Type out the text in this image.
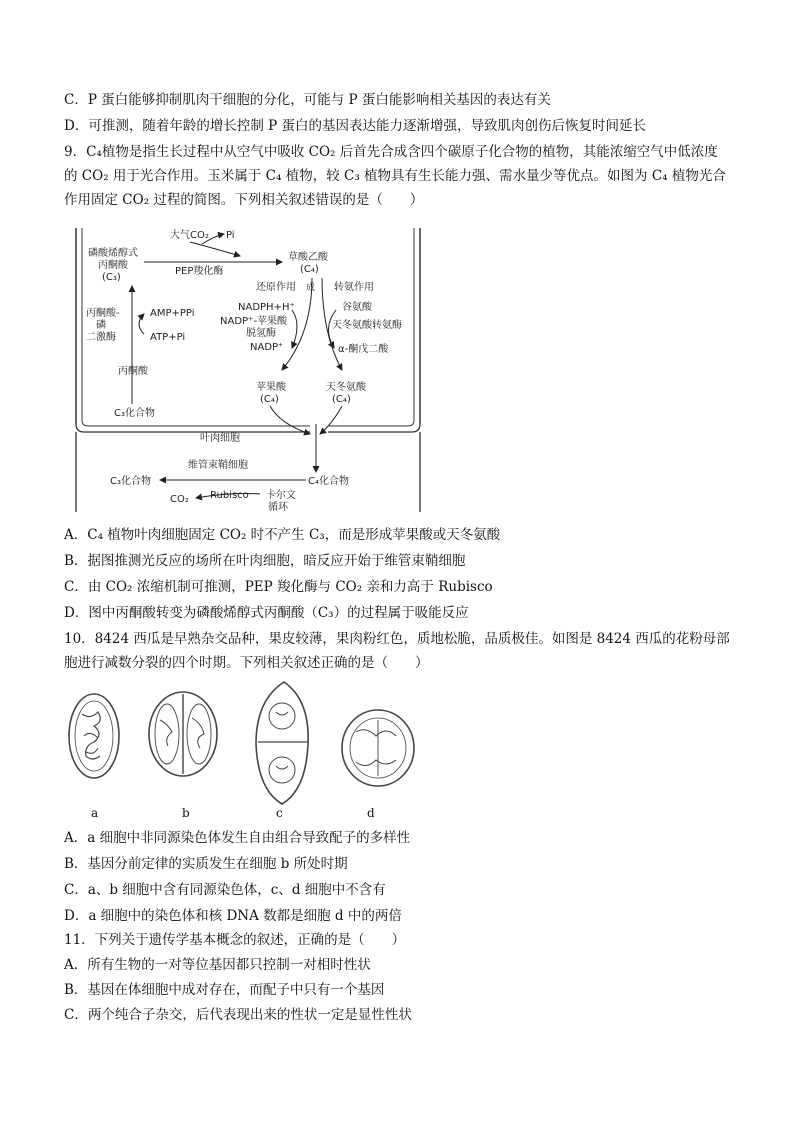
C．P 蛋白能够抑制肌肉干细胞的分化，可能与 P 蛋白能影响相关基因的表达有关
D．可推测，随着年龄的增长控制 P 蛋白的基因表达能力逐渐增强，导致肌肉创伤后恢复时间延长
9．C₄植物是指生长过程中从空气中吸收 CO₂ 后首先合成含四个碳原子化合物的植物，其能浓缩空气中低浓度
的 CO₂ 用于光合作用。玉米属于 C₄ 植物，较 C₃ 植物具有生长能力强、需水量少等优点。如图为 C₄ 植物光合
作用固定 CO₂ 过程的简图。下列相关叙述错误的是（　　）
大气CO₂ Pi
磷酸烯醇式
丙酮酸
(C₃)
PEP羧化酶
草酸乙酸
(C₄)
还原作用	转氨作用
成
NADPH+H⁺
NADP⁺-苹果酸
脱氢酶
NADP⁺
谷氨酸
天冬氨酸转氨酶
α-酮戊二酸
丙酮酸-
磷
二激酶
AMP+PPi
ATP+Pi
丙酮酸
C₃化合物
苹果酸
(C₄)
天冬氨酸
(C₄)
叶肉细胞
维管束鞘细胞
C₃化合物	C₄化合物
CO₂ Rubisco 卡尔文
循环
A．C₄ 植物叶肉细胞固定 CO₂ 时不产生 C₃，而是形成苹果酸或天冬氨酸
B．据图推测光反应的场所在叶肉细胞，暗反应开始于维管束鞘细胞
C．由 CO₂ 浓缩机制可推测，PEP 羧化酶与 CO₂ 亲和力高于 Rubisco
D．图中丙酮酸转变为磷酸烯醇式丙酮酸（C₃）的过程属于吸能反应
10．8424 西瓜是早熟杂交品种，果皮较薄，果肉粉红色，质地松脆，品质极佳。如图是 8424 西瓜的花粉母部
胞进行减数分裂的四个时期。下列相关叙述正确的是（　　）
a	b	c	d
A．a 细胞中非同源染色体发生自由组合导致配子的多样性
B．基因分前定律的实质发生在细胞 b 所处时期
C．a、b 细胞中含有同源染色体，c、d 细胞中不含有
D．a 细胞中的染色体和核 DNA 数都是细胞 d 中的两倍
11．下列关于遗传学基本概念的叙述，正确的是（　　）
A．所有生物的一对等位基因都只控制一对相时性状
B．基因在体细胞中成对存在，而配子中只有一个基因
C．两个纯合子杂交，后代表现出来的性状一定是显性性状
